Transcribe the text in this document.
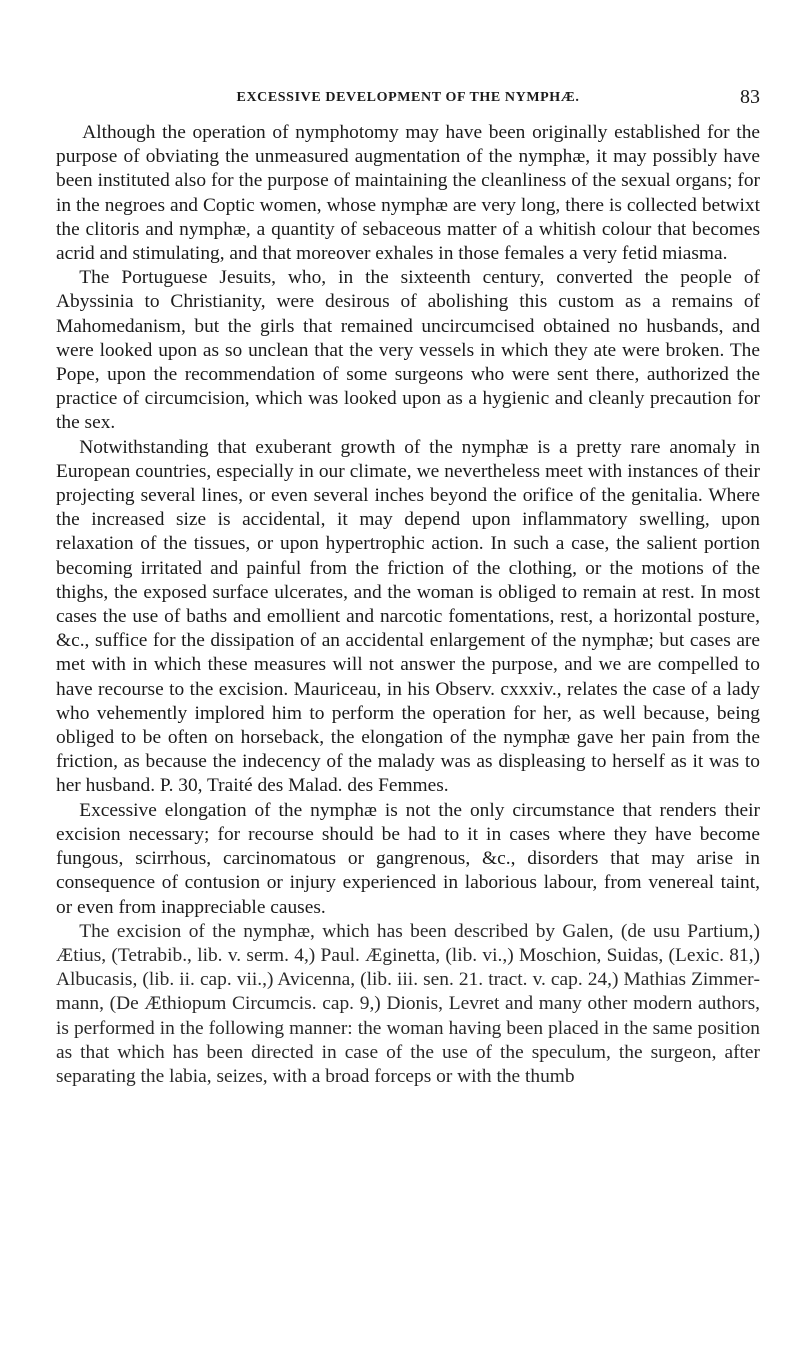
EXCESSIVE DEVELOPMENT OF THE NYMPHÆ.	83

Although the operation of nymphotomy may have been originally established for the purpose of obviating the unmeasured augmentation of the nymphæ, it may possibly have been instituted also for the purpose of maintaining the cleanliness of the sexual organs; for in the negroes and Coptic women, whose nymphæ are very long, there is collected betwixt the clitoris and nymphæ, a quantity of sebaceous matter of a whitish colour that becomes acrid and stimulating, and that moreover exhales in those females a very fetid miasma.

The Portuguese Jesuits, who, in the sixteenth century, converted the people of Abyssinia to Christianity, were desirous of abolishing this custom as a remains of Mahomedanism, but the girls that remained uncircumcised obtained no husbands, and were looked upon as so unclean that the very vessels in which they ate were broken. The Pope, upon the recommendation of some surgeons who were sent there, authorized the practice of circumcision, which was looked upon as a hygienic and cleanly precaution for the sex.

Notwithstanding that exuberant growth of the nymphæ is a pretty rare anomaly in European countries, especially in our climate, we nevertheless meet with instances of their projecting several lines, or even several inches beyond the orifice of the genitalia. Where the increased size is accidental, it may depend upon inflammatory swelling, upon relaxation of the tissues, or upon hypertrophic action. In such a case, the salient portion becoming irritated and painful from the friction of the clothing, or the motions of the thighs, the exposed surface ulcerates, and the woman is obliged to remain at rest. In most cases the use of baths and emollient and narcotic fomentations, rest, a horizontal posture, &c., suffice for the dissipation of an accidental enlargement of the nymphæ; but cases are met with in which these measures will not answer the purpose, and we are compelled to have recourse to the excision. Mauriceau, in his Observ. cxxxiv., relates the case of a lady who vehemently implored him to perform the operation for her, as well because, being obliged to be often on horseback, the elongation of the nymphæ gave her pain from the friction, as because the indecency of the malady was as displeasing to herself as it was to her husband. P. 30, Traité des Malad. des Femmes.

Excessive elongation of the nymphæ is not the only circumstance that renders their excision necessary; for recourse should be had to it in cases where they have become fungous, scirrhous, carcinomatous or gangrenous, &c., disorders that may arise in consequence of contusion or injury experienced in laborious labour, from venereal taint, or even from inappreciable causes.

The excision of the nymphæ, which has been described by Galen, (de usu Partium,) Ætius, (Tetrabib., lib. v. serm. 4,) Paul. Æginetta, (lib. vi.,) Moschion, Suidas, (Lexic. 81,) Albucasis, (lib. ii. cap. vii.,) Avicenna, (lib. iii. sen. 21. tract. v. cap. 24,) Mathias Zimmermann, (De Æthiopum Circumcis. cap. 9,) Dionis, Levret and many other modern authors, is performed in the following manner: the woman having been placed in the same position as that which has been directed in case of the use of the speculum, the surgeon, after separating the labia, seizes, with a broad forceps or with the thumb
